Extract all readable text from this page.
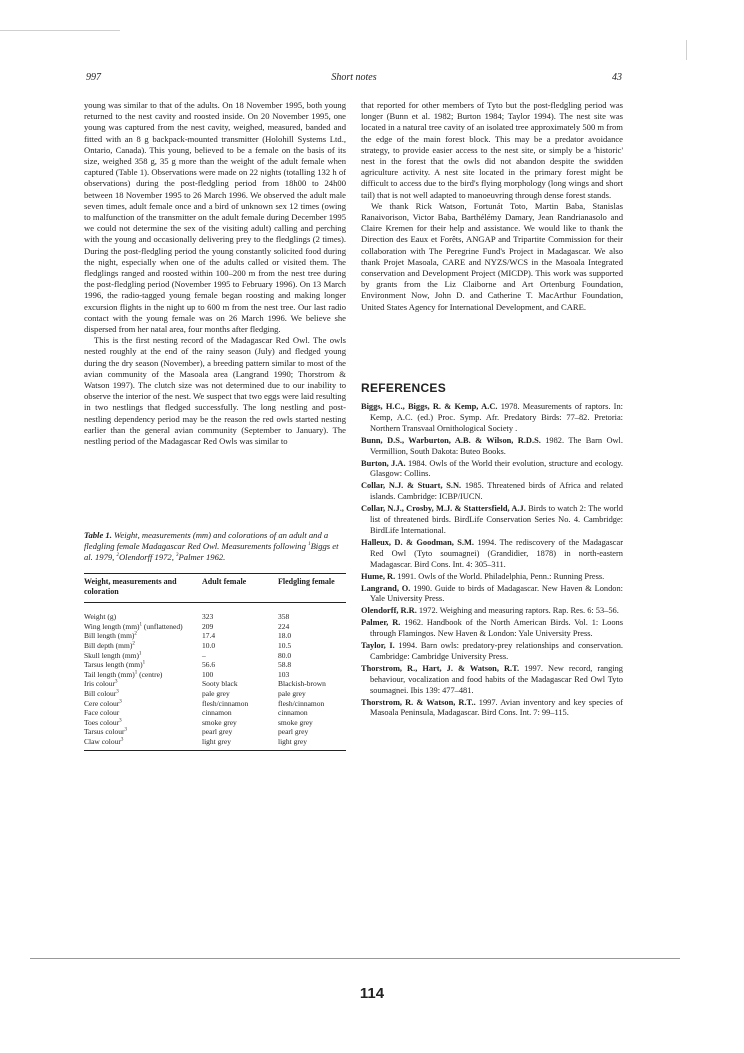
997	Short notes	43

young was similar to that of the adults. On 18 November 1995, both young returned to the nest cavity and roosted inside. On 20 November 1995, one young was captured from the nest cavity, weighed, measured, banded and fitted with an 8 g backpack-mounted transmitter (Holohill Systems Ltd., Ontario, Canada). This young, believed to be a female on the basis of its size, weighed 358 g, 35 g more than the weight of the adult female when captured (Table 1). Observations were made on 22 nights (totalling 132 h of observations) during the post-fledgling period from 18h00 to 24h00 between 18 November 1995 to 26 March 1996. We observed the adult male seven times, adult female once and a bird of unknown sex 12 times (owing to malfunction of the transmitter on the adult female during December 1995 we could not determine the sex of the visiting adult) calling and perching with the young and occasionally delivering prey to the fledglings (2 times). During the post-fledgling period the young constantly solicited food during the night, especially when one of the adults called or visited them. The fledglings ranged and roosted within 100–200 m from the nest tree during the post-fledgling period (November 1995 to February 1996). On 13 March 1996, the radio-tagged young female began roosting and making longer excursion flights in the night up to 600 m from the nest tree. Our last radio contact with the young female was on 26 March 1996. We believe she dispersed from her natal area, four months after fledging.

This is the first nesting record of the Madagascar Red Owl. The owls nested roughly at the end of the rainy season (July) and fledged young during the dry season (November), a breeding pattern similar to most of the avian community of the Masoala area (Langrand 1990; Thorstrom & Watson 1997). The clutch size was not determined due to our inability to observe the interior of the nest. We suspect that two eggs were laid resulting in two nestlings that fledged successfully. The long nestling and post-nestling dependency period may be the reason the red owls started nesting earlier than the general avian community (September to January). The nestling period of the Madagascar Red Owls was similar to

Table 1. Weight, measurements (mm) and colorations of an adult and a fledgling female Madagascar Red Owl. Measurements following $^1$Biggs et al. 1979, $^2$Olendorff 1972, $^3$Palmer 1962.
Weight, measurements and coloration	Adult female	Fledgling female
Weight (g)	323	358
Wing length (mm)$^1$ (unflattened)	209	224
Bill length (mm)$^2$	17.4	18.0
Bill depth (mm)$^2$	10.0	10.5
Skull length (mm)$^1$	–	80.0
Tarsus length (mm)$^1$	56.6	58.8
Tail length (mm)$^1$ (centre)	100	103
Iris colour$^3$	Sooty black	Blackish-brown
Bill colour$^3$	pale grey	pale grey
Cere colour$^3$	flesh/cinnamon	flesh/cinnamon
Face colour	cinnamon	cinnamon
Toes colour$^3$	smoke grey	smoke grey
Tarsus colour$^3$	pearl grey	pearl grey
Claw colour$^3$	light grey	light grey

that reported for other members of Tyto but the post-fledgling period was longer (Bunn et al. 1982; Burton 1984; Taylor 1994). The nest site was located in a natural tree cavity of an isolated tree approximately 500 m from the edge of the main forest block. This may be a predator avoidance strategy, to provide easier access to the nest site, or simply be a 'historic' nest in the forest that the owls did not abandon despite the swidden agriculture activity. A nest site located in the primary forest might be difficult to access due to the bird's flying morphology (long wings and short tail) that is not well adapted to manoeuvring through dense forest stands.

We thank Rick Watson, Fortunát Toto, Martin Baba, Stanislas Ranaivorison, Victor Baba, Barthélémy Damary, Jean Randrianasolo and Claire Kremen for their help and assistance. We would like to thank the Direction des Eaux et Forêts, ANGAP and Tripartite Commission for their collaboration with The Peregrine Fund's Project in Madagascar. We also thank Projet Masoala, CARE and NYZS/WCS in the Masoala Integrated conservation and Development Project (MICDP). This work was supported by grants from the Liz Claiborne and Art Ortenburg Foundation, Environment Now, John D. and Catherine T. MacArthur Foundation, United States Agency for International Development, and CARE.

REFERENCES
Biggs, H.C., Biggs, R. & Kemp, A.C. 1978. Measurements of raptors. In: Kemp, A.C. (ed.) Proc. Symp. Afr. Predatory Birds: 77–82. Pretoria: Northern Transvaal Ornithological Society .
Bunn, D.S., Warburton, A.B. & Wilson, R.D.S. 1982. The Barn Owl. Vermillion, South Dakota: Buteo Books.
Burton, J.A. 1984. Owls of the World their evolution, structure and ecology. Glasgow: Collins.
Collar, N.J. & Stuart, S.N. 1985. Threatened birds of Africa and related islands. Cambridge: ICBP/IUCN.
Collar, N.J., Crosby, M.J. & Stattersfield, A.J. Birds to watch 2: The world list of threatened birds. BirdLife Conservation Series No. 4. Cambridge: BirdLife International.
Halleux, D. & Goodman, S.M. 1994. The rediscovery of the Madagascar Red Owl (Tyto soumagnei) (Grandidier, 1878) in north-eastern Madagascar. Bird Cons. Int. 4: 305–311.
Hume, R. 1991. Owls of the World. Philadelphia, Penn.: Running Press.
Langrand, O. 1990. Guide to birds of Madagascar. New Haven & London: Yale University Press.
Olendorff, R.R. 1972. Weighing and measuring raptors. Rap. Res. 6: 53–56.
Palmer, R. 1962. Handbook of the North American Birds. Vol. 1: Loons through Flamingos. New Haven & London: Yale University Press.
Taylor, I. 1994. Barn owls: predatory-prey relationships and conservation. Cambridge: Cambridge University Press.
Thorstrom, R., Hart, J. & Watson, R.T. 1997. New record, ranging behaviour, vocalization and food habits of the Madagascar Red Owl Tyto soumagnei. Ibis 139: 477–481.
Thorstrom, R. & Watson, R.T.. 1997. Avian inventory and key species of Masoala Peninsula, Madagascar. Bird Cons. Int. 7: 99–115.
114
